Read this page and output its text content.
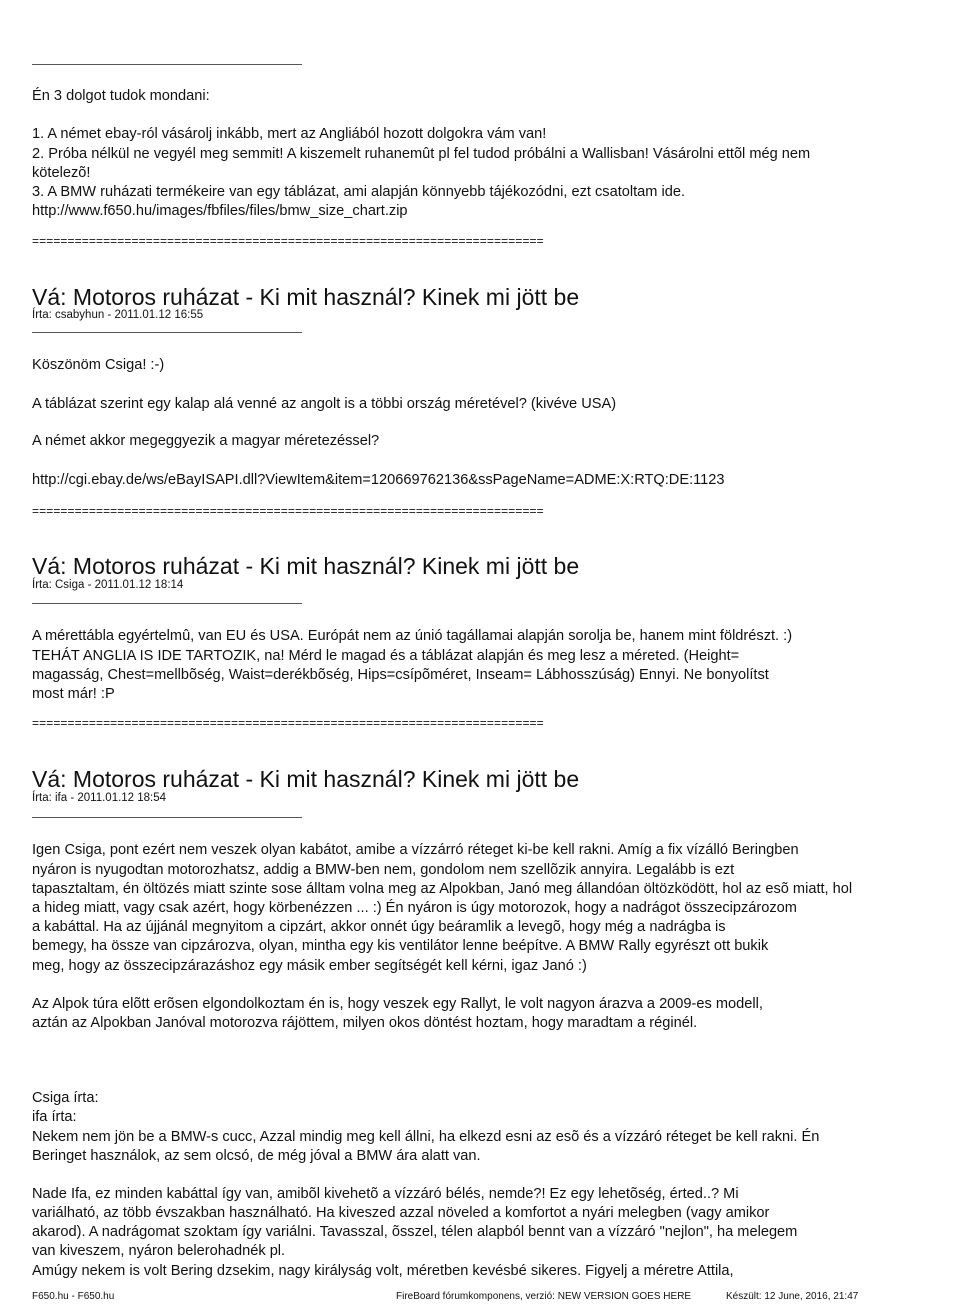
Én 3 dolgot tudok mondani:
1. A német ebay-ról vásárolj inkább, mert az Angliából hozott dolgokra vám van!
2. Próba nélkül ne vegyél meg semmit! A kiszemelt ruhanemût pl fel tudod próbálni a Wallisban! Vásárolni ettõl még nem
kötelezõ!
3. A BMW ruházati termékeire van egy táblázat, ami alapján könnyebb tájékozódni, ezt csatoltam ide.
http://www.f650.hu/images/fbfiles/files/bmw_size_chart.zip
========================================================================
Vá: Motoros ruházat - Ki mit használ? Kinek mi jött be
Írta: csabyhun - 2011.01.12 16:55
Köszönöm Csiga! :-)
A táblázat szerint egy kalap alá venné az angolt is a többi ország méretével? (kivéve USA)
A német akkor megeggyezik a magyar méretezéssel?
http://cgi.ebay.de/ws/eBayISAPI.dll?ViewItem&item=120669762136&ssPageName=ADME:X:RTQ:DE:1123
========================================================================
Vá: Motoros ruházat - Ki mit használ? Kinek mi jött be
Írta: Csiga - 2011.01.12 18:14
A mérettábla egyértelmû, van EU és USA. Európát nem az únió tagállamai alapján sorolja be, hanem mint földrészt. :)
TEHÁT ANGLIA IS IDE TARTOZIK, na! Mérd le magad és a táblázat alapján és meg lesz a méreted. (Height=
magasság, Chest=mellbõség, Waist=derékbõség, Hips=csípõméret, Inseam= Lábhosszúság) Ennyi. Ne bonyolítst
most már! :P
========================================================================
Vá: Motoros ruházat - Ki mit használ? Kinek mi jött be
Írta: ifa - 2011.01.12 18:54
Igen Csiga, pont ezért nem veszek olyan kabátot, amibe a vízzárró réteget ki-be kell rakni. Amíg a fix vízálló Beringben
nyáron is nyugodtan motorozhatsz, addig a BMW-ben nem, gondolom nem szellõzik annyira. Legalább is ezt
tapasztaltam, én öltözés miatt szinte sose álltam volna meg az Alpokban, Janó meg állandóan öltözködött, hol az esõ miatt, hol
a hideg miatt, vagy csak azért, hogy körbenézzen ... :) Én nyáron is úgy motorozok, hogy a nadrágot összecipzározom
a kabáttal. Ha az újjánál megnyitom a cipzárt, akkor onnét úgy beáramlik a levegõ, hogy még a nadrágba is
bemegy, ha össze van cipzározva, olyan, mintha egy kis ventilátor lenne beépítve. A BMW Rally egyrészt ott bukik
meg, hogy az összecipzárazáshoz egy másik ember segítségét kell kérni, igaz Janó :)
Az Alpok túra elõtt erõsen elgondolkoztam én is, hogy veszek egy Rallyt, le volt nagyon árazva a 2009-es modell,
aztán az Alpokban Janóval motorozva rájöttem, milyen okos döntést hoztam, hogy maradtam a réginél.
Csiga írta:
ifa írta:
Nekem nem jön be a BMW-s cucc, Azzal mindig meg kell állni, ha elkezd esni az esõ és a vízzáró réteget be kell rakni. Én
Beringet használok, az sem olcsó, de még jóval a BMW ára alatt van.
Nade Ifa, ez minden kabáttal így van, amibõl kivehetõ a vízzáró bélés, nemde?! Ez egy lehetõség, érted..? Mi
variálható, az több évszakban használható. Ha kiveszed azzal növeled a komfortot a nyári melegben (vagy amikor
akarod). A nadrágomat szoktam így variálni. Tavasszal, õsszel, télen alapból bennt van a vízzáró "nejlon", ha melegem
van kiveszem, nyáron belerohadnék pl.
Amúgy nekem is volt Bering dzsekim, nagy királyság volt, méretben kevésbé sikeres. Figyelj a méretre Attila,
F650.hu - F650.hu	FireBoard fórumkomponens, verzió: NEW VERSION GOES HERE	Készült: 12 June, 2016, 21:47
